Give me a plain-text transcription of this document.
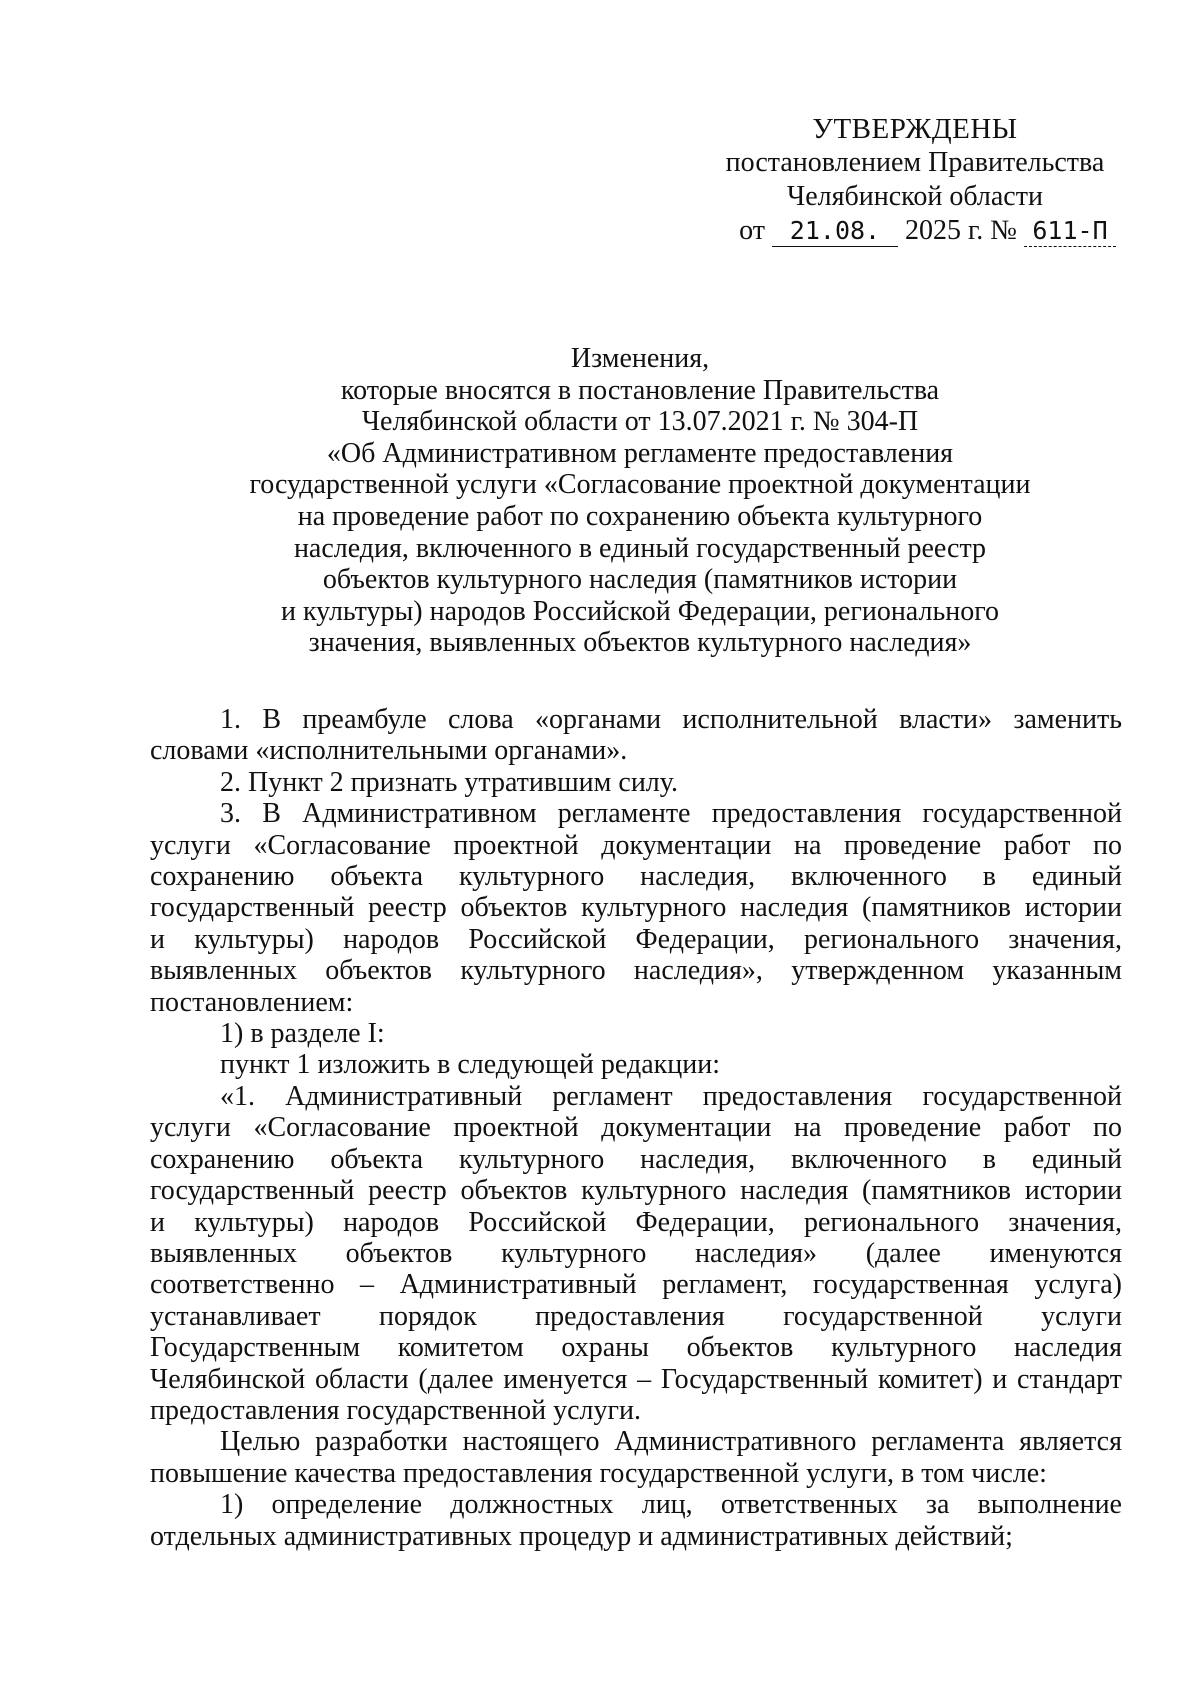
УТВЕРЖДЕНЫ
постановлением Правительства
Челябинской области
от 21.08. 2025 г. № 611-П
Изменения,
которые вносятся в постановление Правительства
Челябинской области от 13.07.2021 г. № 304-П
«Об Административном регламенте предоставления
государственной услуги «Согласование проектной документации
на проведение работ по сохранению объекта культурного
наследия, включенного в единый государственный реестр
объектов культурного наследия (памятников истории
и культуры) народов Российской Федерации, регионального
значения, выявленных объектов культурного наследия»
1. В преамбуле слова «органами исполнительной власти» заменить
словами «исполнительными органами».
2. Пункт 2 признать утратившим силу.
3. В Административном регламенте предоставления государственной
услуги «Согласование проектной документации на проведение работ по
сохранению объекта культурного наследия, включенного в единый
государственный реестр объектов культурного наследия (памятников истории
и культуры) народов Российской Федерации, регионального значения,
выявленных объектов культурного наследия», утвержденном указанным
постановлением:
1) в разделе I:
пункт 1 изложить в следующей редакции:
«1. Административный регламент предоставления государственной
услуги «Согласование проектной документации на проведение работ по
сохранению объекта культурного наследия, включенного в единый
государственный реестр объектов культурного наследия (памятников истории
и культуры) народов Российской Федерации, регионального значения,
выявленных объектов культурного наследия» (далее именуются
соответственно – Административный регламент, государственная услуга)
устанавливает порядок предоставления государственной услуги
Государственным комитетом охраны объектов культурного наследия
Челябинской области (далее именуется – Государственный комитет) и стандарт
предоставления государственной услуги.
Целью разработки настоящего Административного регламента является
повышение качества предоставления государственной услуги, в том числе:
1) определение должностных лиц, ответственных за выполнение
отдельных административных процедур и административных действий;
